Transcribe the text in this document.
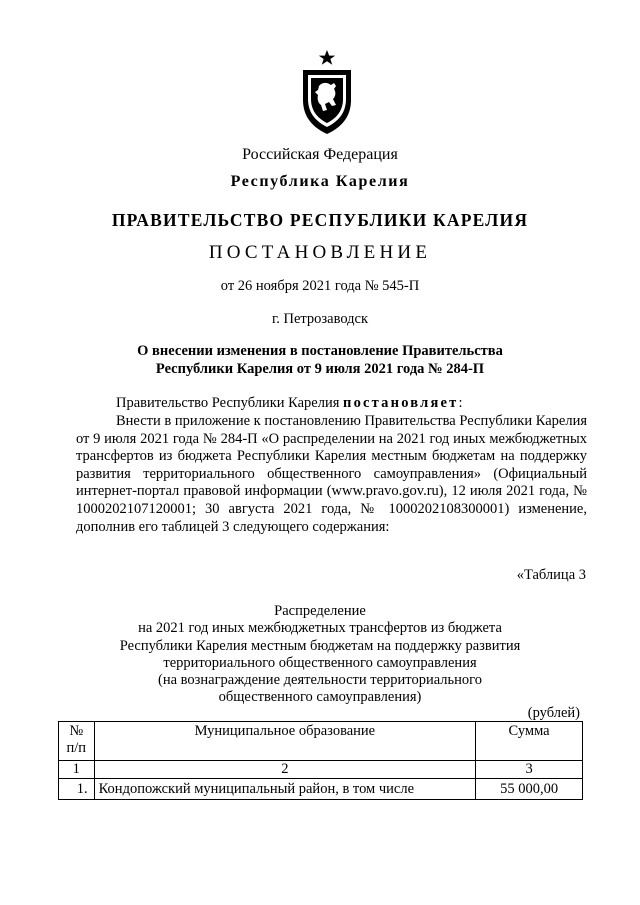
Российская Федерация
Республика Карелия
ПРАВИТЕЛЬСТВО РЕСПУБЛИКИ КАРЕЛИЯ
ПОСТАНОВЛЕНИЕ
от 26 ноября 2021 года № 545-П
г. Петрозаводск
О внесении изменения в постановление Правительства
Республики Карелия от 9 июля 2021 года № 284-П
Правительство Республики Карелия постановляет:
Внести в приложение к постановлению Правительства Республики Карелия от 9 июля 2021 года № 284-П «О распределении на 2021 год иных межбюджетных трансфертов из бюджета Республики Карелия местным бюджетам на поддержку развития территориального общественного самоуправления» (Официальный интернет-портал правовой информации (www.pravo.gov.ru), 12 июля 2021 года, № 1000202107120001; 30 августа 2021 года, № 1000202108300001) изменение, дополнив его таблицей 3 следующего содержания:
«Таблица 3
Распределение
на 2021 год иных межбюджетных трансфертов из бюджета
Республики Карелия местным бюджетам на поддержку развития
территориального общественного самоуправления
(на вознаграждение деятельности территориального
общественного самоуправления)
(рублей)
№ п/п	Муниципальное образование	Сумма
1	2	3
1.	Кондопожский муниципальный район, в том числе	55 000,00
